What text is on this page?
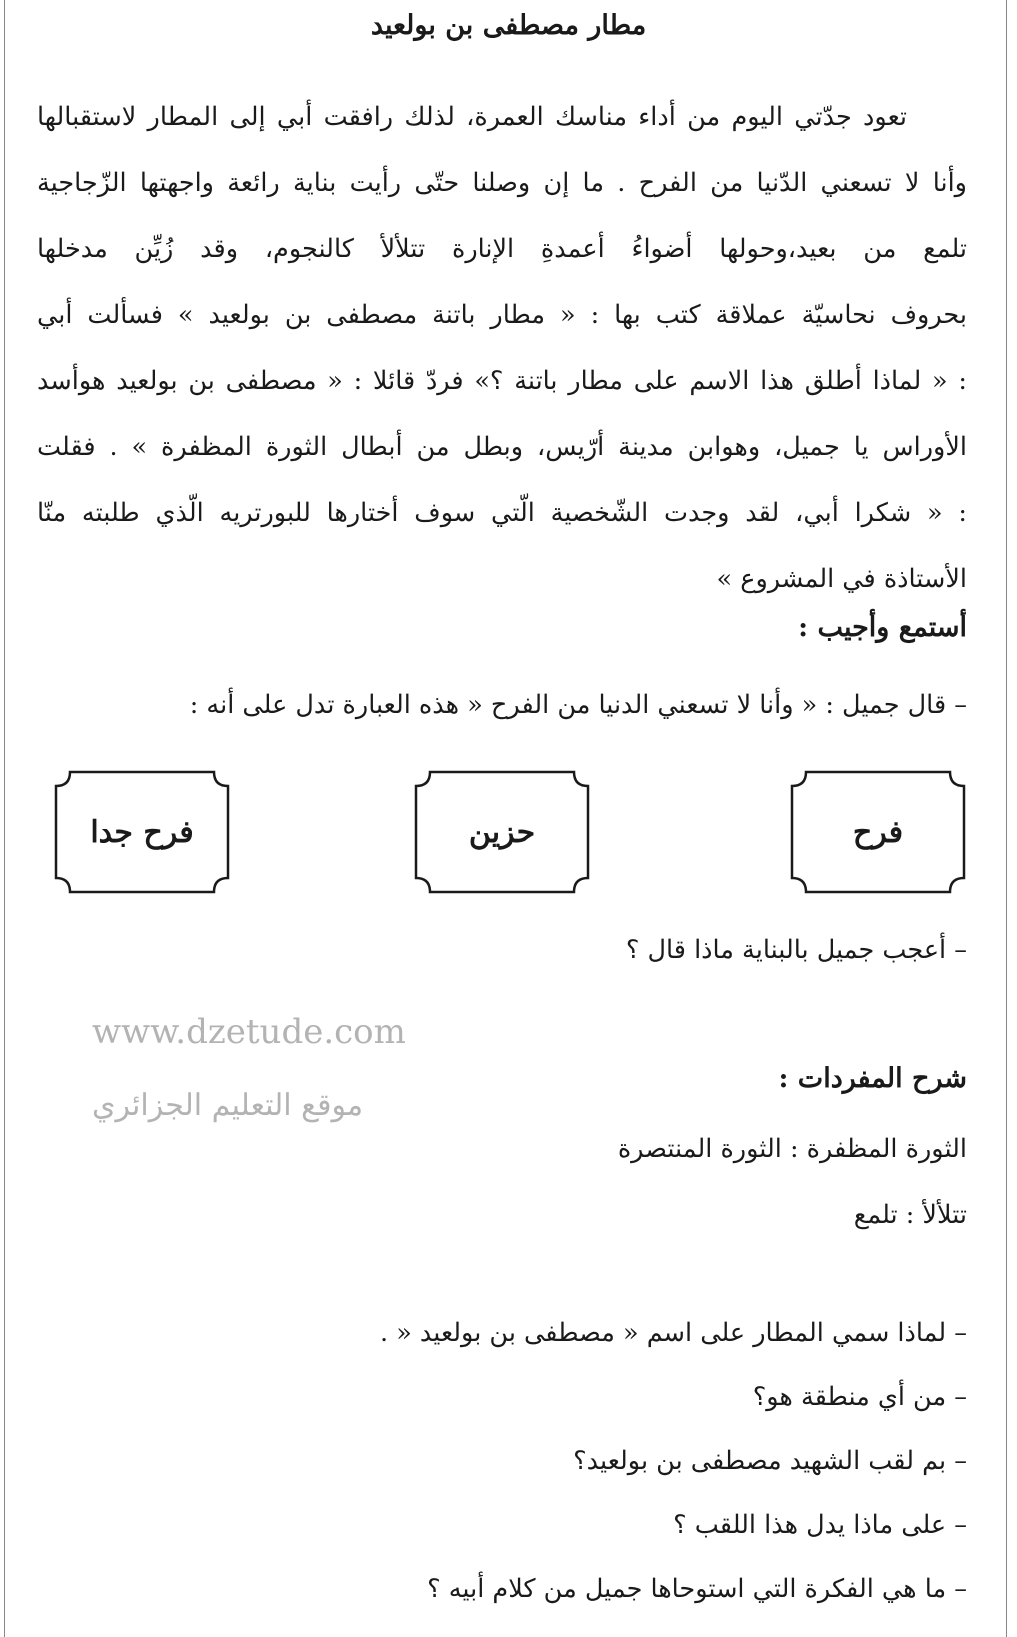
مطار مصطفى بن بولعيد
تعود جدّتي اليوم من أداء مناسك العمرة، لذلك رافقت أبي إلى المطار لاستقبالها
وأنا لا تسعني الدّنيا من الفرح . ما إن وصلنا حتّى رأيت بناية رائعة واجهتها الزّجاجية
تلمع من بعيد،وحولها أضواءُ أعمدةِ الإنارة تتلألأ كالنجوم، وقد زُيِّن مدخلها
بحروف نحاسيّة عملاقة كتب بها : « مطار باتنة مصطفى بن بولعيد » فسألت أبي
: « لماذا أطلق هذا الاسم على مطار باتنة ؟» فردّ قائلا : « مصطفى بن بولعيد هوأسد
الأوراس يا جميل، وهوابن مدينة أرّيس، وبطل من أبطال الثورة المظفرة » . فقلت
: « شكرا أبي، لقد وجدت الشّخصية الّتي سوف أختارها للبورتريه الّذي طلبته منّا
الأستاذة في المشروع »
أستمع وأجيب :
– قال جميل : « وأنا لا تسعني الدنيا من الفرح « هذه العبارة تدل على أنه :
فرح
حزين
فرح جدا
– أعجب جميل بالبناية ماذا قال ؟
www.dzetude.com
موقع التعليم الجزائري
شرح المفردات :
الثورة المظفرة : الثورة المنتصرة
تتلألأ : تلمع
– لماذا سمي المطار على اسم « مصطفى بن بولعيد « .
– من أي منطقة هو؟
– بم لقب الشهيد مصطفى بن بولعيد؟
– على ماذا يدل هذا اللقب ؟
– ما هي الفكرة التي استوحاها جميل من كلام أبيه ؟
